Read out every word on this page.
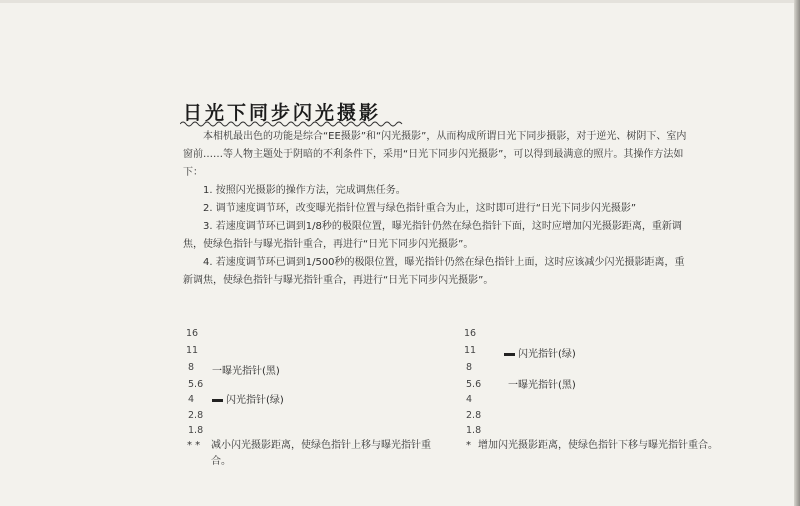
日光下同步闪光摄影

本相机最出色的功能是综合“EE摄影”和“闪光摄影”，从而构成所谓日光下同步摄影，对于逆光、树阴下、室内窗前……等人物主题处于阴暗的不利条件下，采用“日光下同步闪光摄影”，可以得到最满意的照片。其操作方法如下：

1. 按照闪光摄影的操作方法，完成调焦任务。

2. 调节速度调节环，改变曝光指针位置与绿色指针重合为止，这时即可进行“日光下同步闪光摄影”

3. 若速度调节环已调到1/8秒的极限位置，曝光指针仍然在绿色指针下面，这时应增加闪光摄影距离，重新调焦，使绿色指针与曝光指针重合，再进行“日光下同步闪光摄影”。

4. 若速度调节环已调到1/500秒的极限位置，曝光指针仍然在绿色指针上面，这时应该减少闪光摄影距离，重新调焦，使绿色指针与曝光指针重合，再进行“日光下同步闪光摄影”。

16
11
8
5.6
4
2.8
1.8
一曝光指针(黑)
闪光指针(绿)
* * 减小闪光摄影距离，使绿色指针上移与曝光指针重合。
16
11
8
5.6
4
2.8
1.8
闪光指针(绿)
一曝光指针(黑)
* 增加闪光摄影距离，使绿色指针下移与曝光指针重合。
